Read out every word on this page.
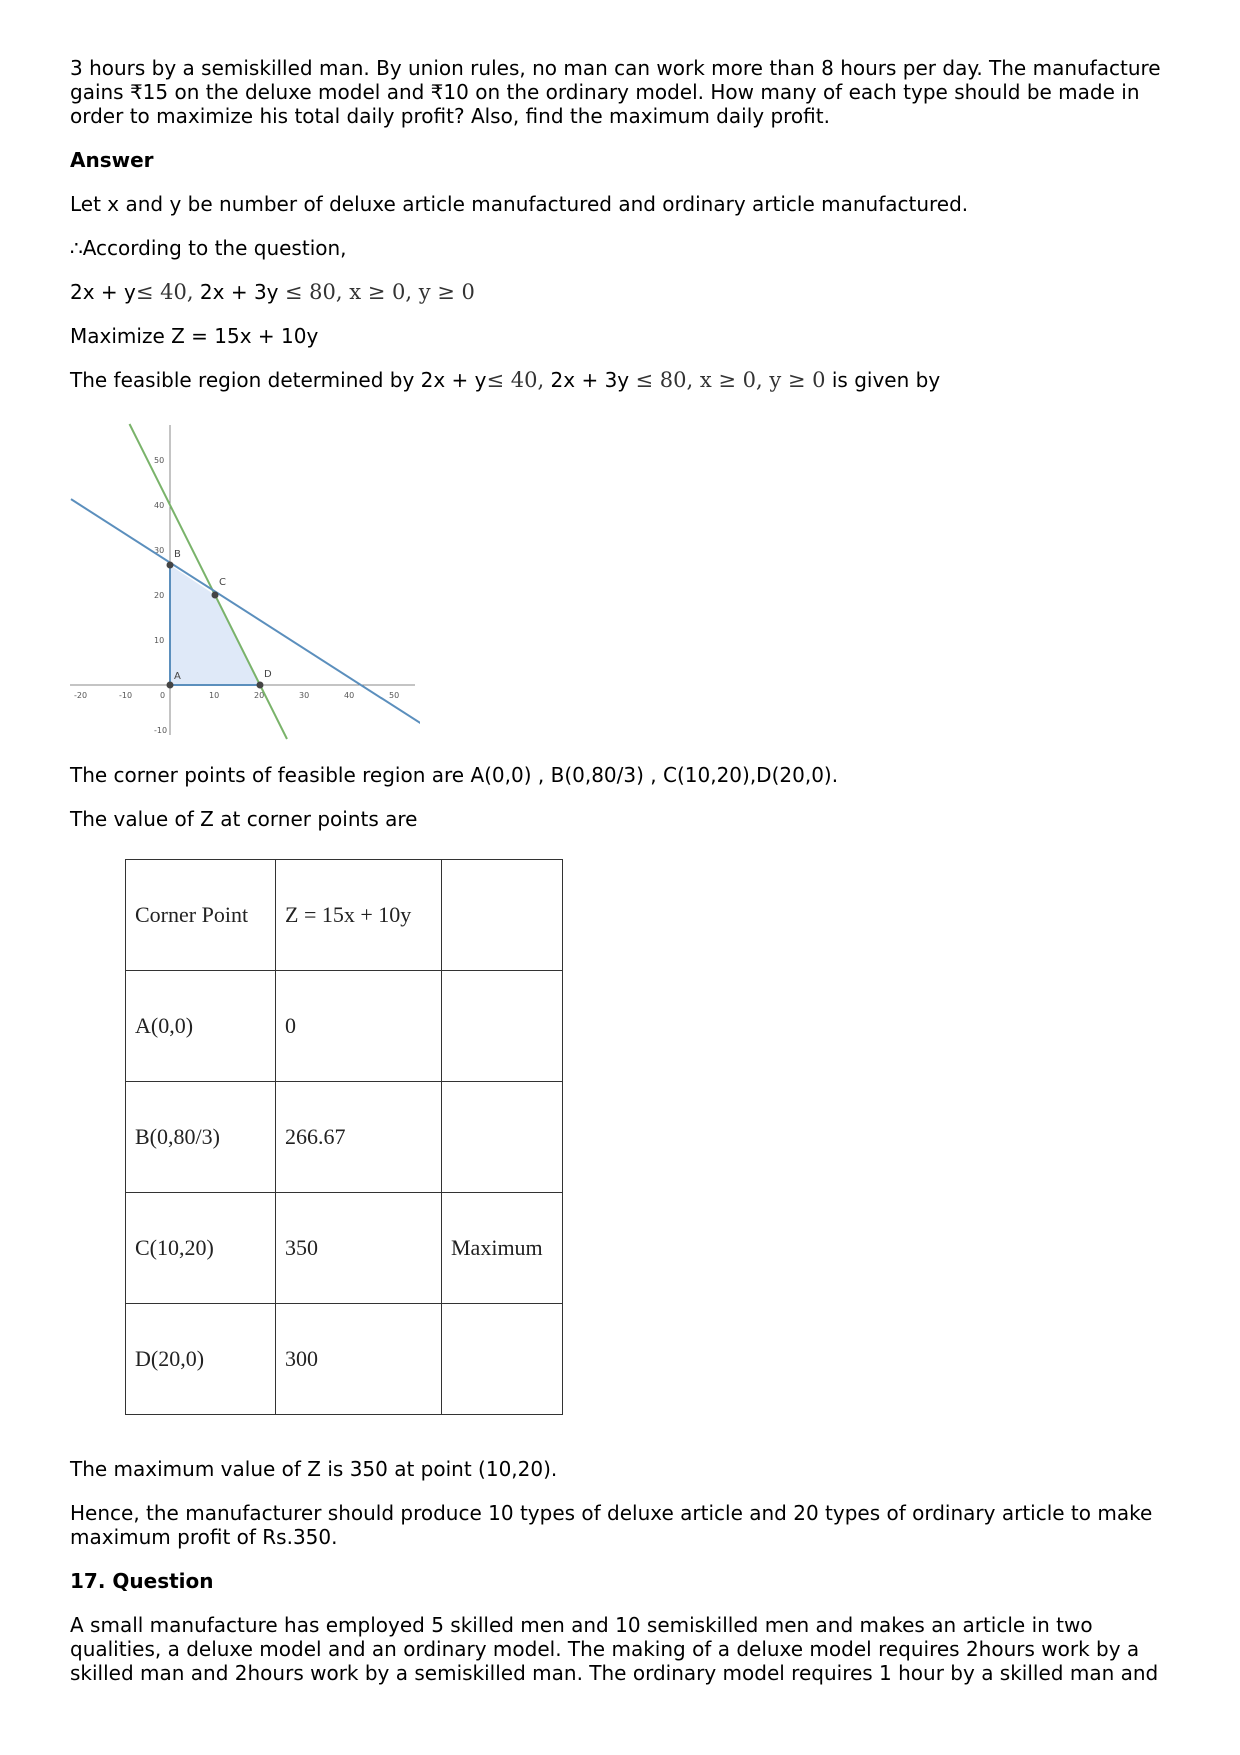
3 hours by a semiskilled man. By union rules, no man can work more than 8 hours per day. The manufacture gains ₹15 on the deluxe model and ₹10 on the ordinary model. How many of each type should be made in order to maximize his total daily profit? Also, find the maximum daily profit.

Answer

Let x and y be number of deluxe article manufactured and ordinary article manufactured.

∴According to the question,

2x + y≤ 40, 2x + 3y ≤ 80, x ≥ 0, y ≥ 0

Maximize Z = 15x + 10y

The feasible region determined by 2x + y≤ 40, 2x + 3y ≤ 80, x ≥ 0, y ≥ 0 is given by

-20	-10	0	10	20	30	40	50
50
40
30
20
10
-10
A
B
C
D

The corner points of feasible region are A(0,0) , B(0,80/3) , C(10,20),D(20,0).

The value of Z at corner points are

Corner Point	Z = 15x + 10y	
A(0,0)	0	
B(0,80/3)	266.67	
C(10,20)	350	Maximum
D(20,0)	300	

The maximum value of Z is 350 at point (10,20).

Hence, the manufacturer should produce 10 types of deluxe article and 20 types of ordinary article to make maximum profit of Rs.350.

17. Question

A small manufacture has employed 5 skilled men and 10 semiskilled men and makes an article in two qualities, a deluxe model and an ordinary model. The making of a deluxe model requires 2hours work by a skilled man and 2hours work by a semiskilled man. The ordinary model requires 1 hour by a skilled man and
